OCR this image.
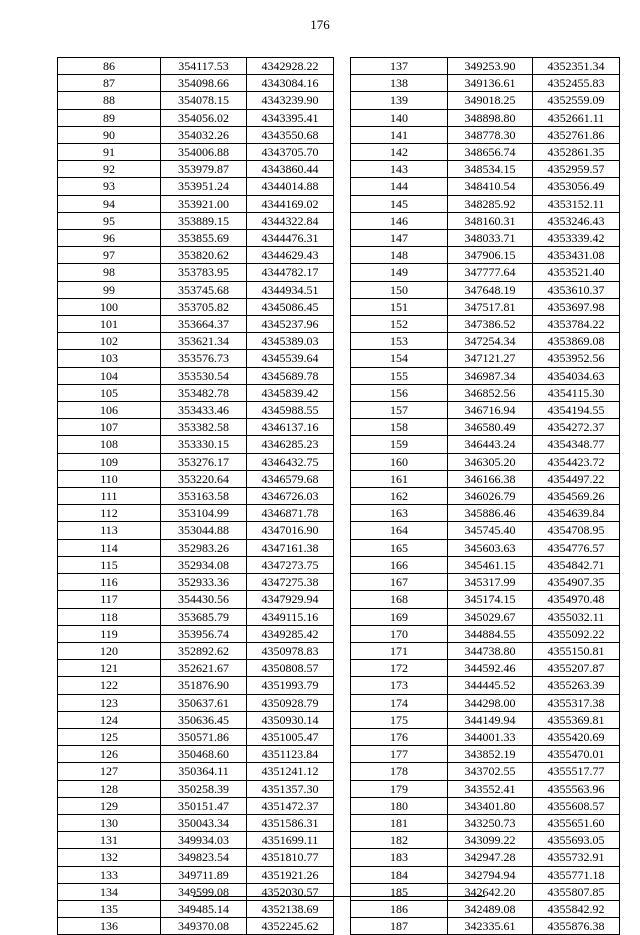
176
86	354117.53	4342928.22
87	354098.66	4343084.16
88	354078.15	4343239.90
89	354056.02	4343395.41
90	354032.26	4343550.68
91	354006.88	4343705.70
92	353979.87	4343860.44
93	353951.24	4344014.88
94	353921.00	4344169.02
95	353889.15	4344322.84
96	353855.69	4344476.31
97	353820.62	4344629.43
98	353783.95	4344782.17
99	353745.68	4344934.51
100	353705.82	4345086.45
101	353664.37	4345237.96
102	353621.34	4345389.03
103	353576.73	4345539.64
104	353530.54	4345689.78
105	353482.78	4345839.42
106	353433.46	4345988.55
107	353382.58	4346137.16
108	353330.15	4346285.23
109	353276.17	4346432.75
110	353220.64	4346579.68
111	353163.58	4346726.03
112	353104.99	4346871.78
113	353044.88	4347016.90
114	352983.26	4347161.38
115	352934.08	4347273.75
116	352933.36	4347275.38
117	354430.56	4347929.94
118	353685.79	4349115.16
119	353956.74	4349285.42
120	352892.62	4350978.83
121	352621.67	4350808.57
122	351876.90	4351993.79
123	350637.61	4350928.79
124	350636.45	4350930.14
125	350571.86	4351005.47
126	350468.60	4351123.84
127	350364.11	4351241.12
128	350258.39	4351357.30
129	350151.47	4351472.37
130	350043.34	4351586.31
131	349934.03	4351699.11
132	349823.54	4351810.77
133	349711.89	4351921.26
134	349599.08	4352030.57
135	349485.14	4352138.69
136	349370.08	4352245.62
137	349253.90	4352351.34
138	349136.61	4352455.83
139	349018.25	4352559.09
140	348898.80	4352661.11
141	348778.30	4352761.86
142	348656.74	4352861.35
143	348534.15	4352959.57
144	348410.54	4353056.49
145	348285.92	4353152.11
146	348160.31	4353246.43
147	348033.71	4353339.42
148	347906.15	4353431.08
149	347777.64	4353521.40
150	347648.19	4353610.37
151	347517.81	4353697.98
152	347386.52	4353784.22
153	347254.34	4353869.08
154	347121.27	4353952.56
155	346987.34	4354034.63
156	346852.56	4354115.30
157	346716.94	4354194.55
158	346580.49	4354272.37
159	346443.24	4354348.77
160	346305.20	4354423.72
161	346166.38	4354497.22
162	346026.79	4354569.26
163	345886.46	4354639.84
164	345745.40	4354708.95
165	345603.63	4354776.57
166	345461.15	4354842.71
167	345317.99	4354907.35
168	345174.15	4354970.48
169	345029.67	4355032.11
170	344884.55	4355092.22
171	344738.80	4355150.81
172	344592.46	4355207.87
173	344445.52	4355263.39
174	344298.00	4355317.38
175	344149.94	4355369.81
176	344001.33	4355420.69
177	343852.19	4355470.01
178	343702.55	4355517.77
179	343552.41	4355563.96
180	343401.80	4355608.57
181	343250.73	4355651.60
182	343099.22	4355693.05
183	342947.28	4355732.91
184	342794.94	4355771.18
185	342642.20	4355807.85
186	342489.08	4355842.92
187	342335.61	4355876.38
